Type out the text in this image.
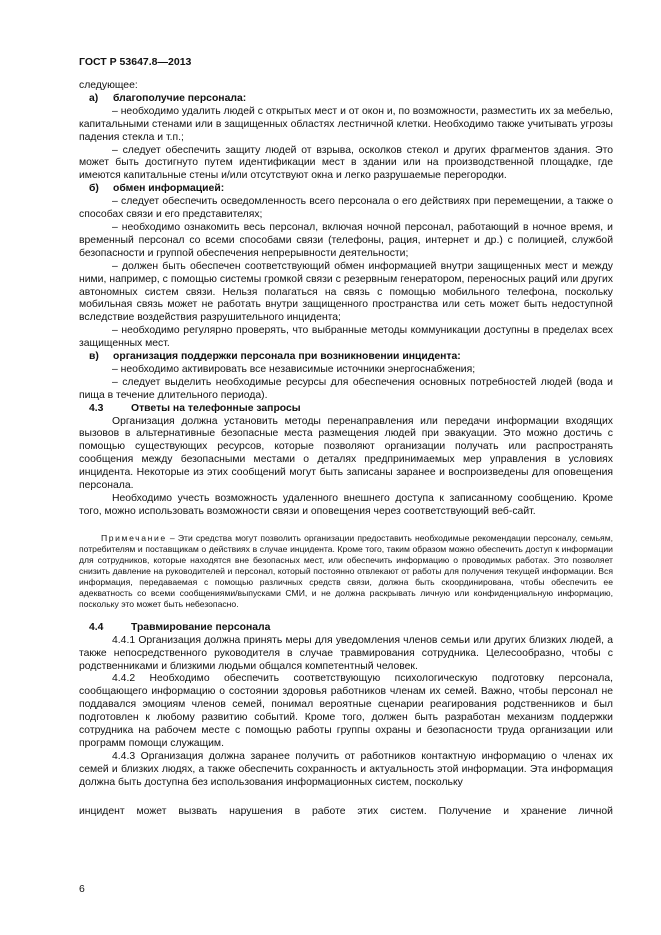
ГОСТ Р 53647.8—2013

следующее:

а) благополучие персонала:

– необходимо удалить людей с открытых мест и от окон и, по возможности, разместить их за мебелью, капитальными стенами или в защищенных областях лестничной клетки. Необходимо также учитывать угрозы падения стекла и т.п.;

– следует обеспечить защиту людей от взрыва, осколков стекол и других фрагментов здания. Это может быть достигнуто путем идентификации мест в здании или на производственной площадке, где имеются капитальные стены и/или отсутствуют окна и легко разрушаемые перегородки.

б) обмен информацией:

– следует обеспечить осведомленность всего персонала о его действиях при перемещении, а также о способах связи и его представителях;

– необходимо ознакомить весь персонал, включая ночной персонал, работающий в ночное время, и временный персонал со всеми способами связи (телефоны, рация, интернет и др.) с полицией, службой безопасности и группой обеспечения непрерывности деятельности;

– должен быть обеспечен соответствующий обмен информацией внутри защищенных мест и между ними, например, с помощью системы громкой связи с резервным генератором, переносных раций или других автономных систем связи. Нельзя полагаться на связь с помощью мобильного телефона, поскольку мобильная связь может не работать внутри защищенного пространства или сеть может быть недоступной вследствие воздействия разрушительного инцидента;

– необходимо регулярно проверять, что выбранные методы коммуникации доступны в пределах всех защищенных мест.

в) организация поддержки персонала при возникновении инцидента:

– необходимо активировать все независимые источники энергоснабжения;

– следует выделить необходимые ресурсы для обеспечения основных потребностей людей (вода и пища в течение длительного периода).

4.3	Ответы на телефонные запросы

Организация должна установить методы перенаправления или передачи информации входящих вызовов в альтернативные безопасные места размещения людей при эвакуации. Это можно достичь с помощью существующих ресурсов, которые позволяют организации получать или распространять сообщения между безопасными местами о деталях предпринимаемых мер управления в условиях инцидента. Некоторые из этих сообщений могут быть записаны заранее и воспроизведены для оповещения персонала.

Необходимо учесть возможность удаленного внешнего доступа к записанному сообщению. Кроме того, можно использовать возможности связи и оповещения через соответствующий веб-сайт.

Примечание – Эти средства могут позволить организации предоставить необходимые рекомендации персоналу, семьям, потребителям и поставщикам о действиях в случае инцидента. Кроме того, таким образом можно обеспечить доступ к информации для сотрудников, которые находятся вне безопасных мест, или обеспечить информацию о проводимых работах. Это позволяет снизить давление на руководителей и персонал, который постоянно отвлекают от работы для получения текущей информации. Вся информация, передаваемая с помощью различных средств связи, должна быть скоординирована, чтобы обеспечить ее адекватность со всеми сообщениями/выпусками СМИ, и не должна раскрывать личную или конфиденциальную информацию, поскольку это может быть небезопасно.

4.4	Травмирование персонала

4.4.1 Организация должна принять меры для уведомления членов семьи или других близких людей, а также непосредственного руководителя в случае травмирования сотрудника. Целесообразно, чтобы с родственниками и близкими людьми общался компетентный человек.

4.4.2 Необходимо обеспечить соответствующую психологическую подготовку персонала, сообщающего информацию о состоянии здоровья работников членам их семей. Важно, чтобы персонал не поддавался эмоциям членов семей, понимал вероятные сценарии реагирования родственников и был подготовлен к любому развитию событий. Кроме того, должен быть разработан механизм поддержки сотрудника на рабочем месте с помощью работы группы охраны и безопасности труда организации или программ помощи служащим.

4.4.3 Организация должна заранее получить от работников контактную информацию о членах их семей и близких людях, а также обеспечить сохранность и актуальность этой информации. Эта информация должна быть доступна без использования информационных систем, поскольку

инцидент может вызвать нарушения в работе этих систем. Получение и хранение личной

6
